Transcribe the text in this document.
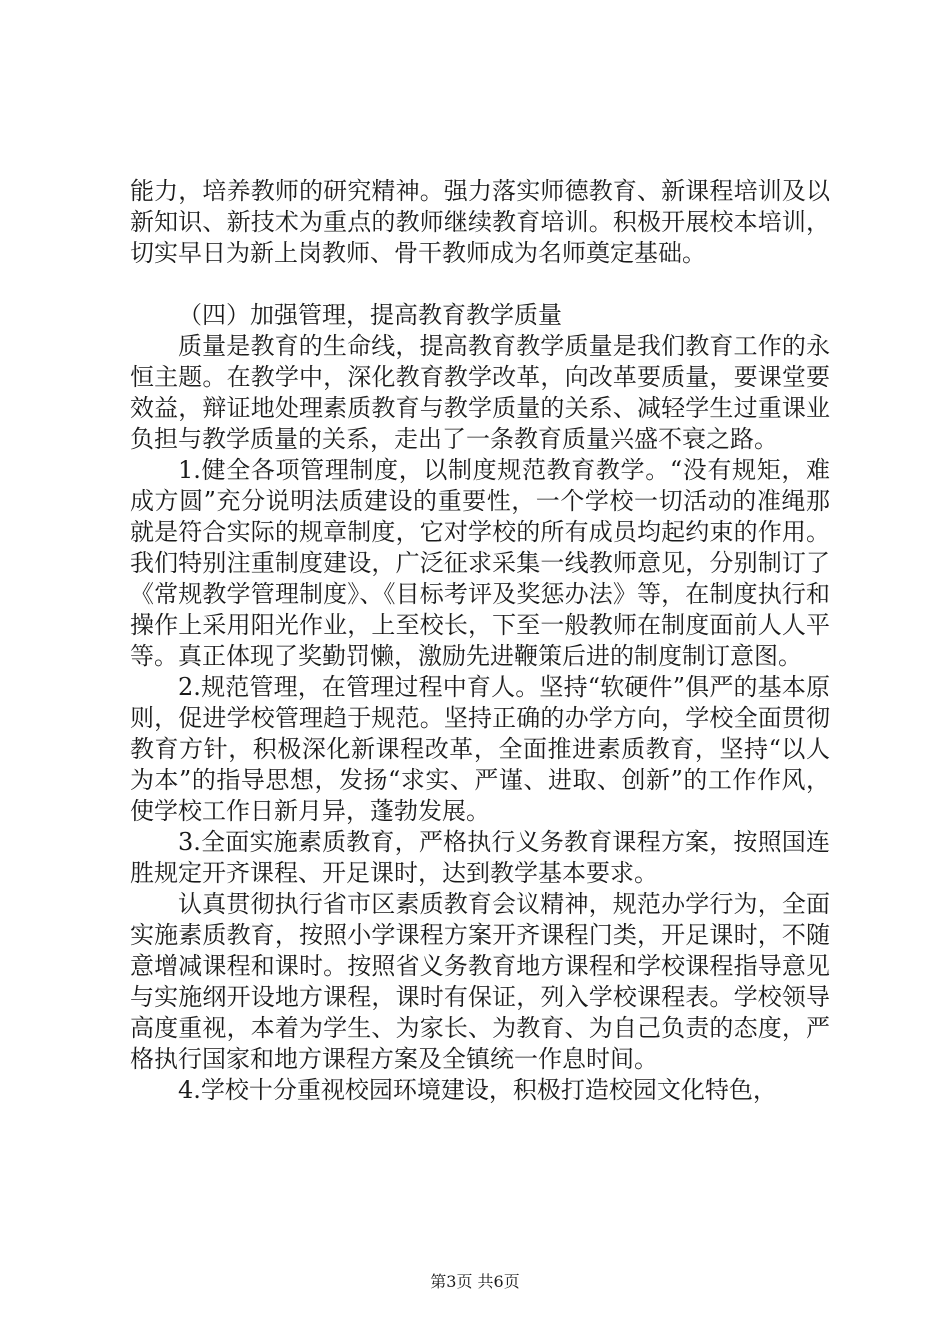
能力，培养教师的研究精神。强力落实师德教育、新课程培训及以新知识、新技术为重点的教师继续教育培训。积极开展校本培训，切实早日为新上岗教师、骨干教师成为名师奠定基础。

（四）加强管理，提高教育教学质量

质量是教育的生命线，提高教育教学质量是我们教育工作的永恒主题。在教学中，深化教育教学改革，向改革要质量，要课堂要效益，辩证地处理素质教育与教学质量的关系、减轻学生过重课业负担与教学质量的关系，走出了一条教育质量兴盛不衰之路。

1.健全各项管理制度，以制度规范教育教学。“没有规矩，难成方圆”充分说明法质建设的重要性，一个学校一切活动的准绳那就是符合实际的规章制度，它对学校的所有成员均起约束的作用。我们特别注重制度建设，广泛征求采集一线教师意见，分别制订了《常规教学管理制度》、《目标考评及奖惩办法》等，在制度执行和操作上采用阳光作业，上至校长，下至一般教师在制度面前人人平等。真正体现了奖勤罚懒，激励先进鞭策后进的制度制订意图。

2.规范管理，在管理过程中育人。坚持“软硬件”俱严的基本原则，促进学校管理趋于规范。坚持正确的办学方向，学校全面贯彻教育方针，积极深化新课程改革，全面推进素质教育，坚持“以人为本”的指导思想，发扬“求实、严谨、进取、创新”的工作作风，使学校工作日新月异，蓬勃发展。

3.全面实施素质教育，严格执行义务教育课程方案，按照国连胜规定开齐课程、开足课时，达到教学基本要求。

认真贯彻执行省市区素质教育会议精神，规范办学行为，全面实施素质教育，按照小学课程方案开齐课程门类，开足课时，不随意增减课程和课时。按照省义务教育地方课程和学校课程指导意见与实施纲开设地方课程，课时有保证，列入学校课程表。学校领导高度重视，本着为学生、为家长、为教育、为自己负责的态度，严格执行国家和地方课程方案及全镇统一作息时间。

4.学校十分重视校园环境建设，积极打造校园文化特色，

第3页 共6页
